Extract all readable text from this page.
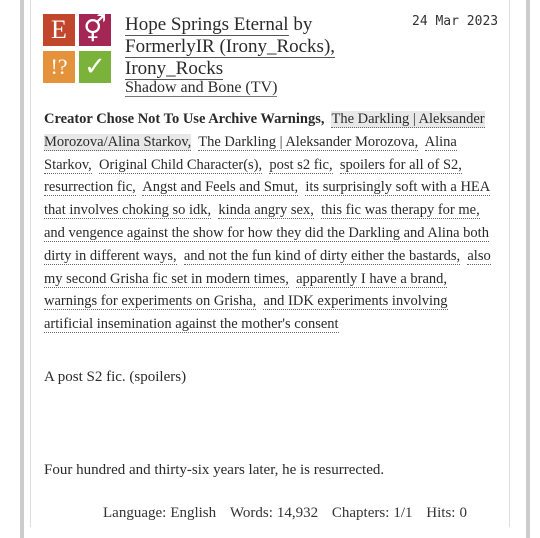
E ⚥
!? ✓
Hope Springs Eternal by
FormerlyIR (Irony_Rocks),
Irony_Rocks
Shadow and Bone (TV)
24 Mar 2023
Creator Chose Not To Use Archive Warnings, The Darkling | Aleksander Morozova/Alina Starkov, The Darkling | Aleksander Morozova, Alina Starkov, Original Child Character(s), post s2 fic, spoilers for all of S2,  resurrection fic, Angst and Feels and Smut, its surprisingly soft with a HEA that involves choking so idk, kinda angry sex, this fic was therapy for me,  and vengence against the show for how they did the Darkling and Alina both dirty in different ways, and not the fun kind of dirty either the bastards, also my second Grisha fic set in modern times, apparently I have a brand,  warnings for experiments on Grisha, and IDK experiments involving artificial insemination against the mother's consent
A post S2 fic. (spoilers)
Four hundred and thirty-six years later, he is resurrected.
Language: English Words: 14,932 Chapters: 1/1 Hits: 0
